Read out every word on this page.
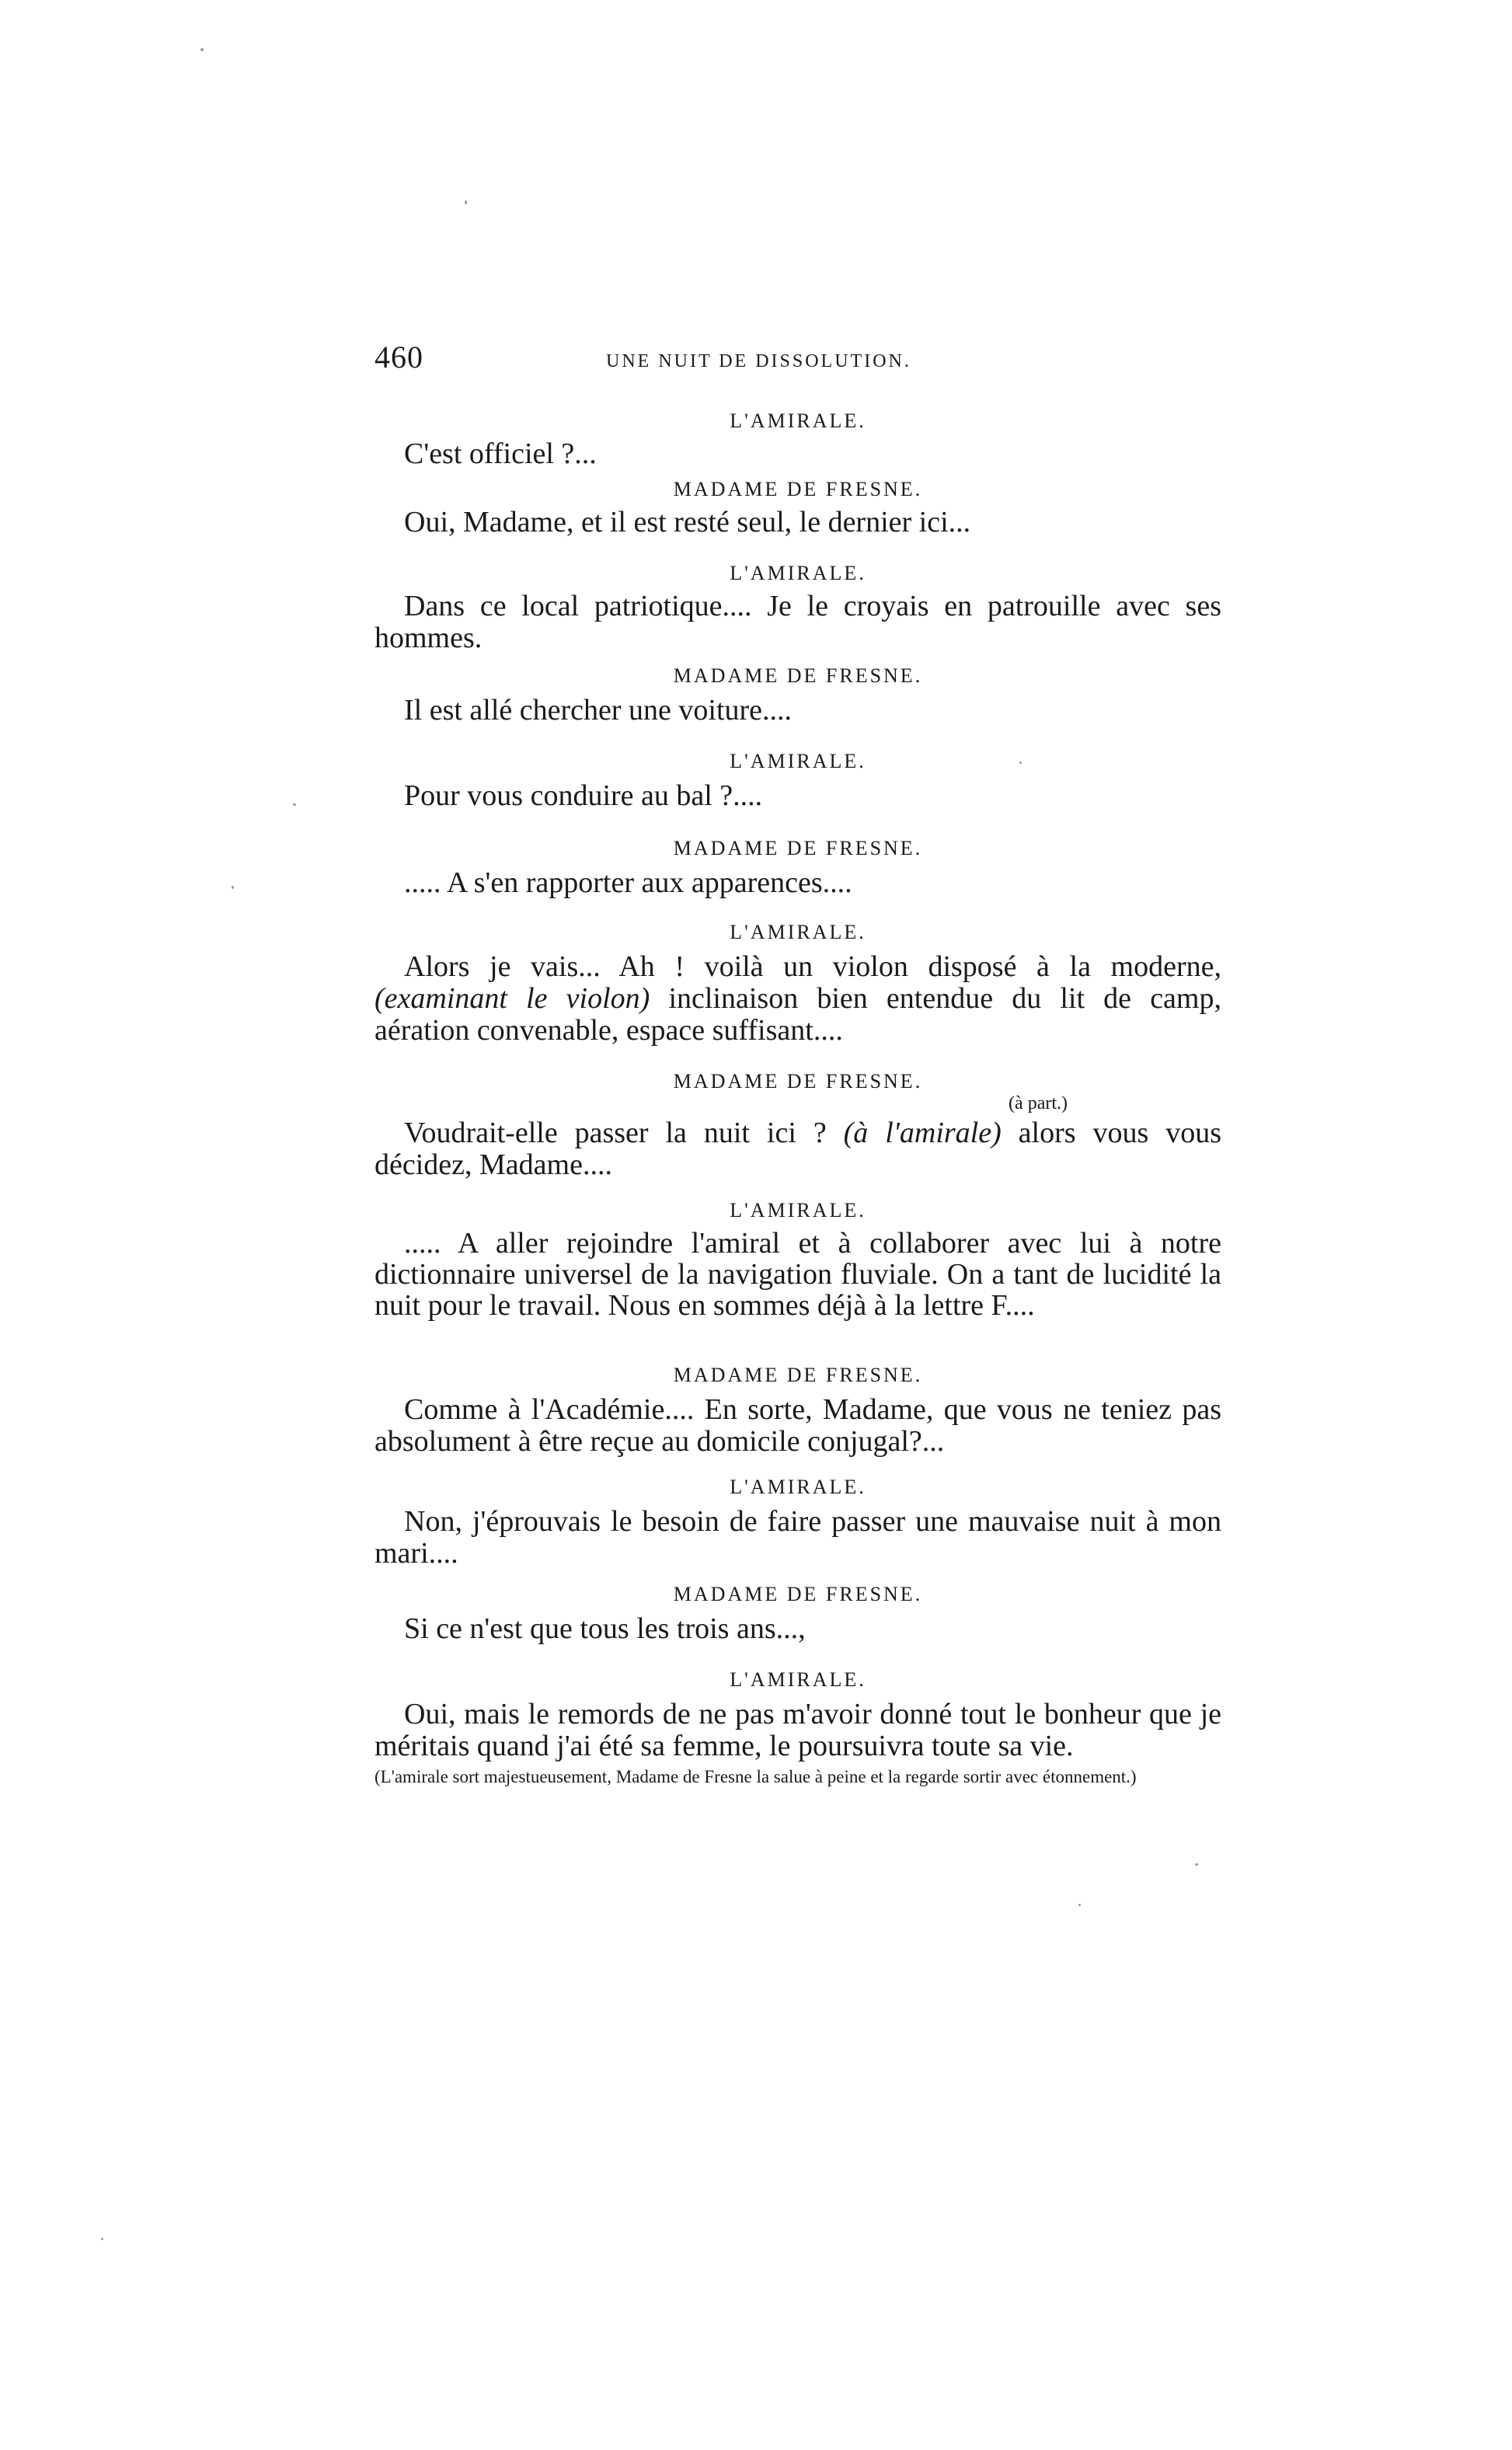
460	UNE NUIT DE DISSOLUTION.
L'AMIRALE.

C'est officiel ?...

MADAME DE FRESNE.

Oui, Madame, et il est resté seul, le dernier ici...

L'AMIRALE.

Dans ce local patriotique.... Je le croyais en patrouille avec ses hommes.

MADAME DE FRESNE.

Il est allé chercher une voiture....

L'AMIRALE.

Pour vous conduire au bal ?....

MADAME DE FRESNE.

..... A s'en rapporter aux apparences....

L'AMIRALE.

Alors je vais... Ah ! voilà un violon disposé à la moderne, (examinant le violon) inclinaison bien entendue du lit de camp, aération convenable, espace suffisant....

MADAME DE FRESNE.
(à part.)

Voudrait-elle passer la nuit ici ? (à l'amirale) alors vous vous décidez, Madame....

L'AMIRALE.

..... A aller rejoindre l'amiral et à collaborer avec lui à notre dictionnaire universel de la navigation fluviale. On a tant de lucidité la nuit pour le travail. Nous en sommes déjà à la lettre F....

MADAME DE FRESNE.

Comme à l'Académie.... En sorte, Madame, que vous ne teniez pas absolument à être reçue au domicile conjugal?...

L'AMIRALE.

Non, j'éprouvais le besoin de faire passer une mauvaise nuit à mon mari....

MADAME DE FRESNE.

Si ce n'est que tous les trois ans...,

L'AMIRALE.

Oui, mais le remords de ne pas m'avoir donné tout le bonheur que je méritais quand j'ai été sa femme, le poursuivra toute sa vie.

(L'amirale sort majestueusement, Madame de Fresne la salue à peine et la regarde sortir avec étonnement.)
